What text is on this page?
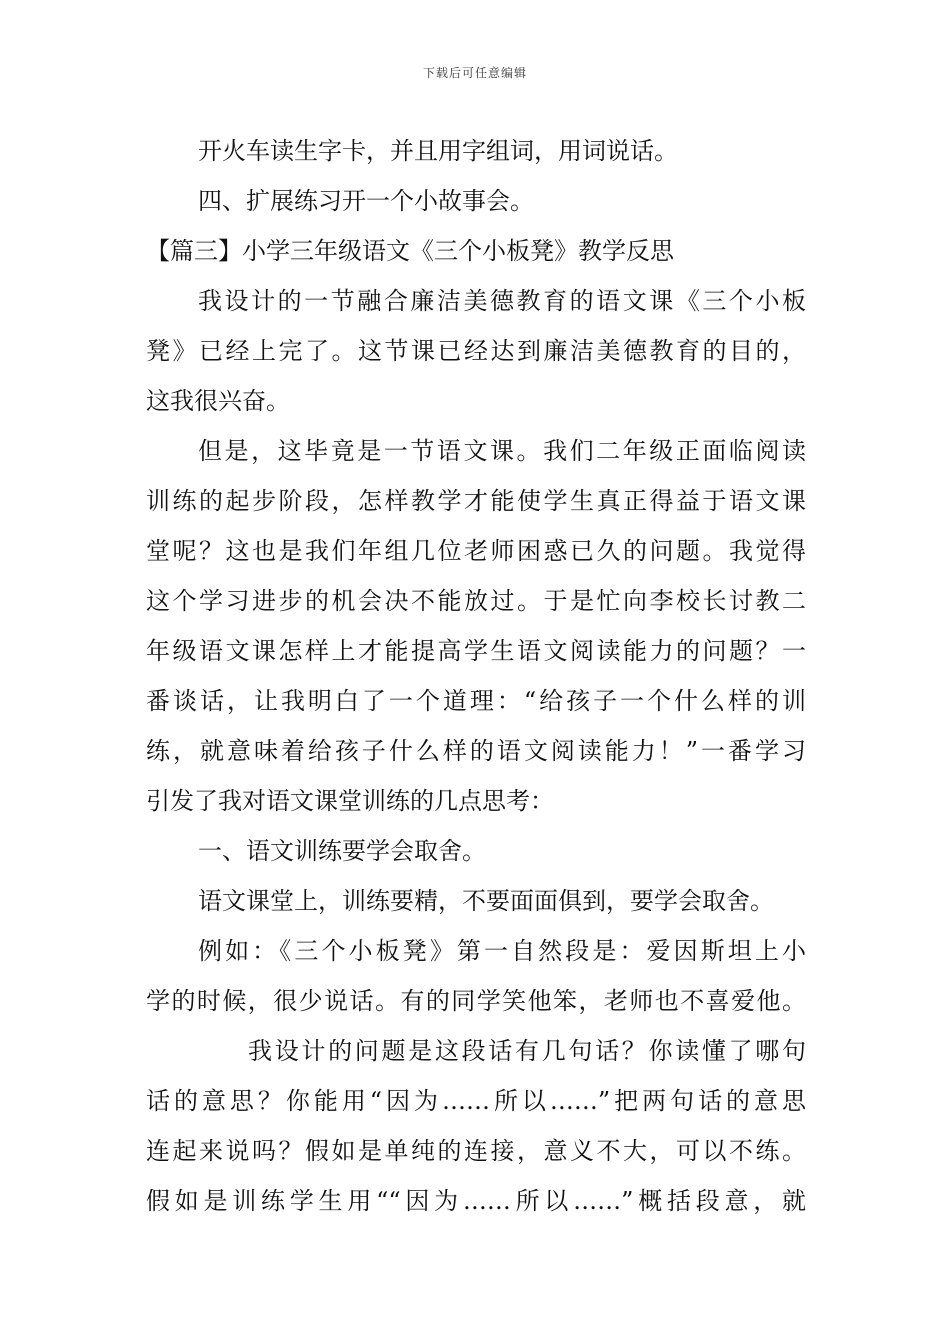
下载后可任意编辑
开火车读生字卡，并且用字组词，用词说话。
四、扩展练习开一个小故事会。
【篇三】小学三年级语文《三个小板凳》教学反思
我设计的一节融合廉洁美德教育的语文课《三个小板
凳》已经上完了。这节课已经达到廉洁美德教育的目的，
这我很兴奋。
但是，这毕竟是一节语文课。我们二年级正面临阅读
训练的起步阶段，怎样教学才能使学生真正得益于语文课
堂呢？这也是我们年组几位老师困惑已久的问题。我觉得
这个学习进步的机会决不能放过。于是忙向李校长讨教二
年级语文课怎样上才能提高学生语文阅读能力的问题？一
番谈话，让我明白了一个道理：“给孩子一个什么样的训
练，就意味着给孩子什么样的语文阅读能力！”一番学习
引发了我对语文课堂训练的几点思考：
一、语文训练要学会取舍。
语文课堂上，训练要精，不要面面俱到，要学会取舍。
例如：《三个小板凳》第一自然段是：爱因斯坦上小
学的时候，很少说话。有的同学笑他笨，老师也不喜爱他。
我设计的问题是这段话有几句话？你读懂了哪句
话的意思？你能用“因为……所以……”把两句话的意思
连起来说吗？假如是单纯的连接，意义不大，可以不练。
假如是训练学生用““因为……所以……”概括段意，就
